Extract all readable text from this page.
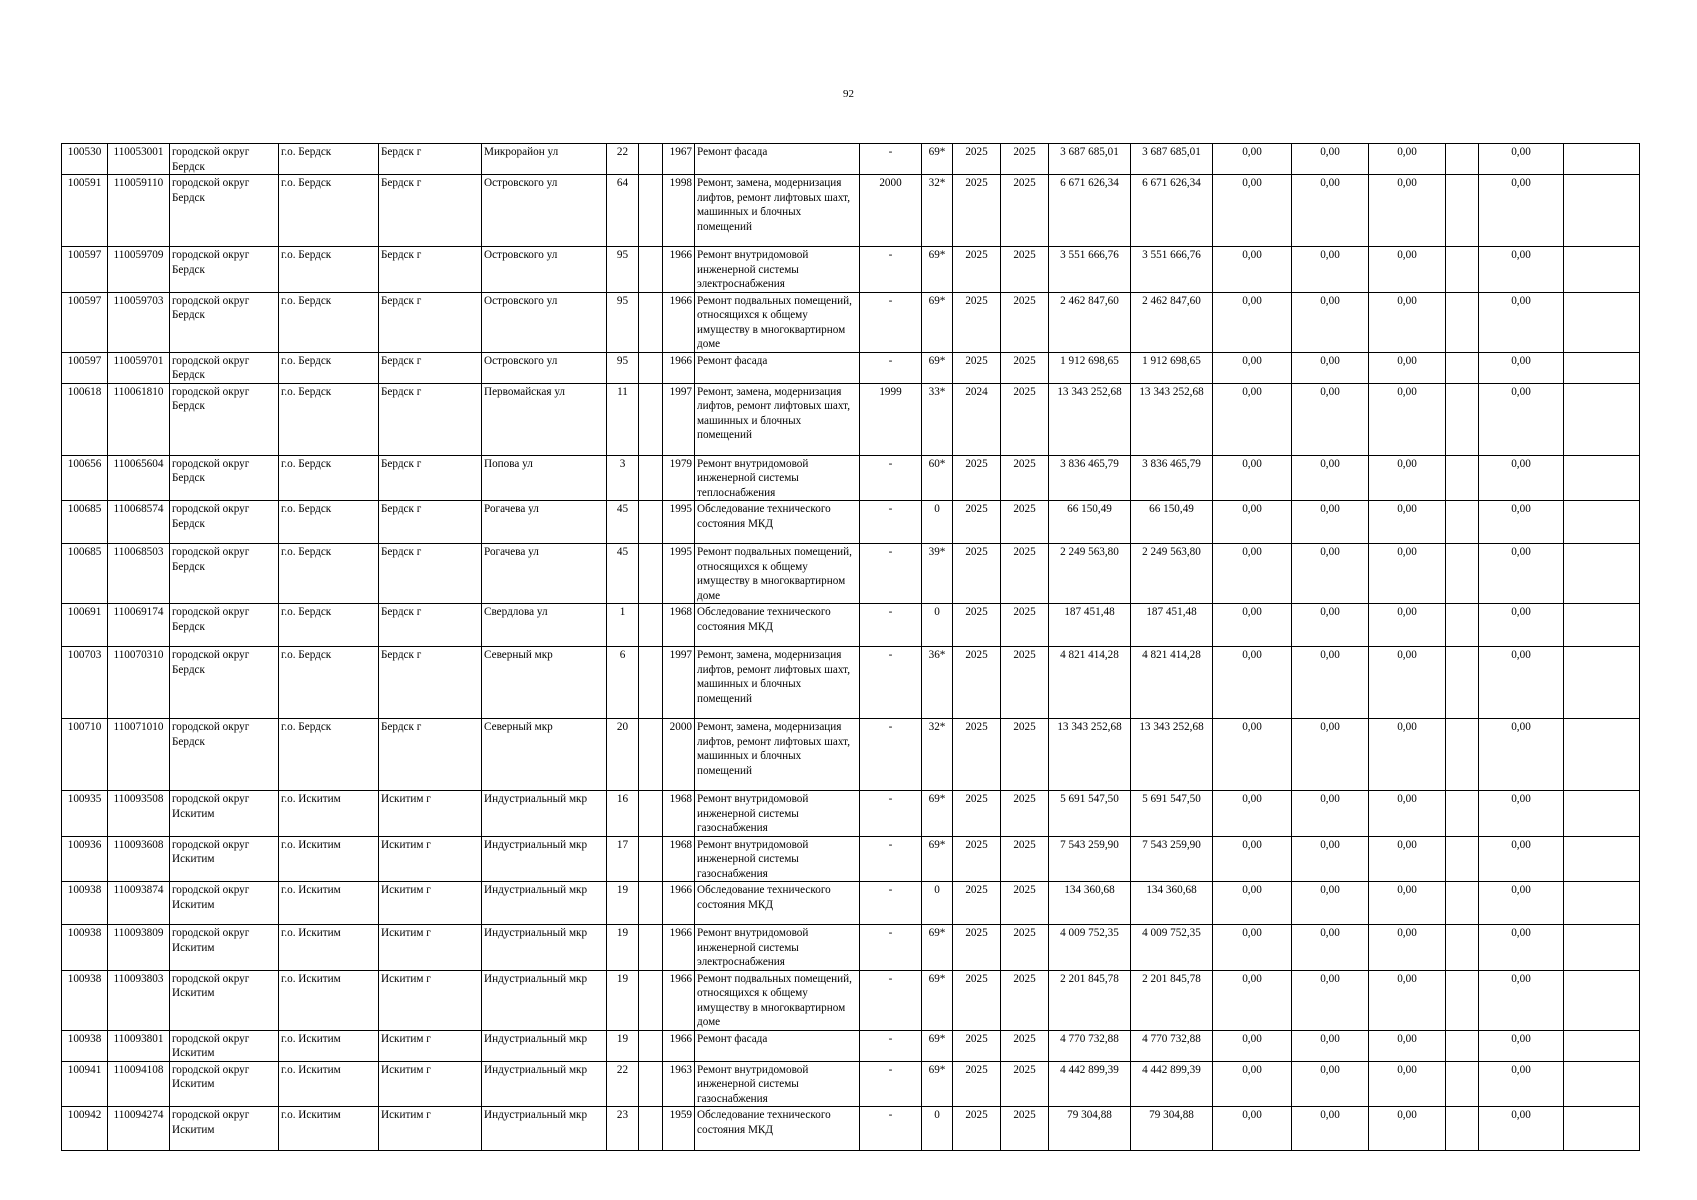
92
100530	110053001	городской округ Бердск	г.о. Бердск	Бердск г	Микрорайон ул	22		1967	Ремонт фасада	-	69*	2025	2025	3 687 685,01	3 687 685,01	0,00	0,00	0,00		0,00	
100591	110059110	городской округ Бердск	г.о. Бердск	Бердск г	Островского ул	64		1998	Ремонт, замена, модернизация лифтов, ремонт лифтовых шахт, машинных и блочных помещений	2000	32*	2025	2025	6 671 626,34	6 671 626,34	0,00	0,00	0,00		0,00	
100597	110059709	городской округ Бердск	г.о. Бердск	Бердск г	Островского ул	95		1966	Ремонт внутридомовой инженерной системы электроснабжения	-	69*	2025	2025	3 551 666,76	3 551 666,76	0,00	0,00	0,00		0,00	
100597	110059703	городской округ Бердск	г.о. Бердск	Бердск г	Островского ул	95		1966	Ремонт подвальных помещений, относящихся к общему имуществу в многоквартирном доме	-	69*	2025	2025	2 462 847,60	2 462 847,60	0,00	0,00	0,00		0,00	
100597	110059701	городской округ Бердск	г.о. Бердск	Бердск г	Островского ул	95		1966	Ремонт фасада	-	69*	2025	2025	1 912 698,65	1 912 698,65	0,00	0,00	0,00		0,00	
100618	110061810	городской округ Бердск	г.о. Бердск	Бердск г	Первомайская ул	11		1997	Ремонт, замена, модернизация лифтов, ремонт лифтовых шахт, машинных и блочных помещений	1999	33*	2024	2025	13 343 252,68	13 343 252,68	0,00	0,00	0,00		0,00	
100656	110065604	городской округ Бердск	г.о. Бердск	Бердск г	Попова ул	3		1979	Ремонт внутридомовой инженерной системы теплоснабжения	-	60*	2025	2025	3 836 465,79	3 836 465,79	0,00	0,00	0,00		0,00	
100685	110068574	городской округ Бердск	г.о. Бердск	Бердск г	Рогачева ул	45		1995	Обследование технического состояния МКД	-	0	2025	2025	66 150,49	66 150,49	0,00	0,00	0,00		0,00	
100685	110068503	городской округ Бердск	г.о. Бердск	Бердск г	Рогачева ул	45		1995	Ремонт подвальных помещений, относящихся к общему имуществу в многоквартирном доме	-	39*	2025	2025	2 249 563,80	2 249 563,80	0,00	0,00	0,00		0,00	
100691	110069174	городской округ Бердск	г.о. Бердск	Бердск г	Свердлова ул	1		1968	Обследование технического состояния МКД	-	0	2025	2025	187 451,48	187 451,48	0,00	0,00	0,00		0,00	
100703	110070310	городской округ Бердск	г.о. Бердск	Бердск г	Северный мкр	6		1997	Ремонт, замена, модернизация лифтов, ремонт лифтовых шахт, машинных и блочных помещений	-	36*	2025	2025	4 821 414,28	4 821 414,28	0,00	0,00	0,00		0,00	
100710	110071010	городской округ Бердск	г.о. Бердск	Бердск г	Северный мкр	20		2000	Ремонт, замена, модернизация лифтов, ремонт лифтовых шахт, машинных и блочных помещений	-	32*	2025	2025	13 343 252,68	13 343 252,68	0,00	0,00	0,00		0,00	
100935	110093508	городской округ Искитим	г.о. Искитим	Искитим г	Индустриальный мкр	16		1968	Ремонт внутридомовой инженерной системы газоснабжения	-	69*	2025	2025	5 691 547,50	5 691 547,50	0,00	0,00	0,00		0,00	
100936	110093608	городской округ Искитим	г.о. Искитим	Искитим г	Индустриальный мкр	17		1968	Ремонт внутридомовой инженерной системы газоснабжения	-	69*	2025	2025	7 543 259,90	7 543 259,90	0,00	0,00	0,00		0,00	
100938	110093874	городской округ Искитим	г.о. Искитим	Искитим г	Индустриальный мкр	19		1966	Обследование технического состояния МКД	-	0	2025	2025	134 360,68	134 360,68	0,00	0,00	0,00		0,00	
100938	110093809	городской округ Искитим	г.о. Искитим	Искитим г	Индустриальный мкр	19		1966	Ремонт внутридомовой инженерной системы электроснабжения	-	69*	2025	2025	4 009 752,35	4 009 752,35	0,00	0,00	0,00		0,00	
100938	110093803	городской округ Искитим	г.о. Искитим	Искитим г	Индустриальный мкр	19		1966	Ремонт подвальных помещений, относящихся к общему имуществу в многоквартирном доме	-	69*	2025	2025	2 201 845,78	2 201 845,78	0,00	0,00	0,00		0,00	
100938	110093801	городской округ Искитим	г.о. Искитим	Искитим г	Индустриальный мкр	19		1966	Ремонт фасада	-	69*	2025	2025	4 770 732,88	4 770 732,88	0,00	0,00	0,00		0,00	
100941	110094108	городской округ Искитим	г.о. Искитим	Искитим г	Индустриальный мкр	22		1963	Ремонт внутридомовой инженерной системы газоснабжения	-	69*	2025	2025	4 442 899,39	4 442 899,39	0,00	0,00	0,00		0,00	
100942	110094274	городской округ Искитим	г.о. Искитим	Искитим г	Индустриальный мкр	23		1959	Обследование технического состояния МКД	-	0	2025	2025	79 304,88	79 304,88	0,00	0,00	0,00		0,00	
